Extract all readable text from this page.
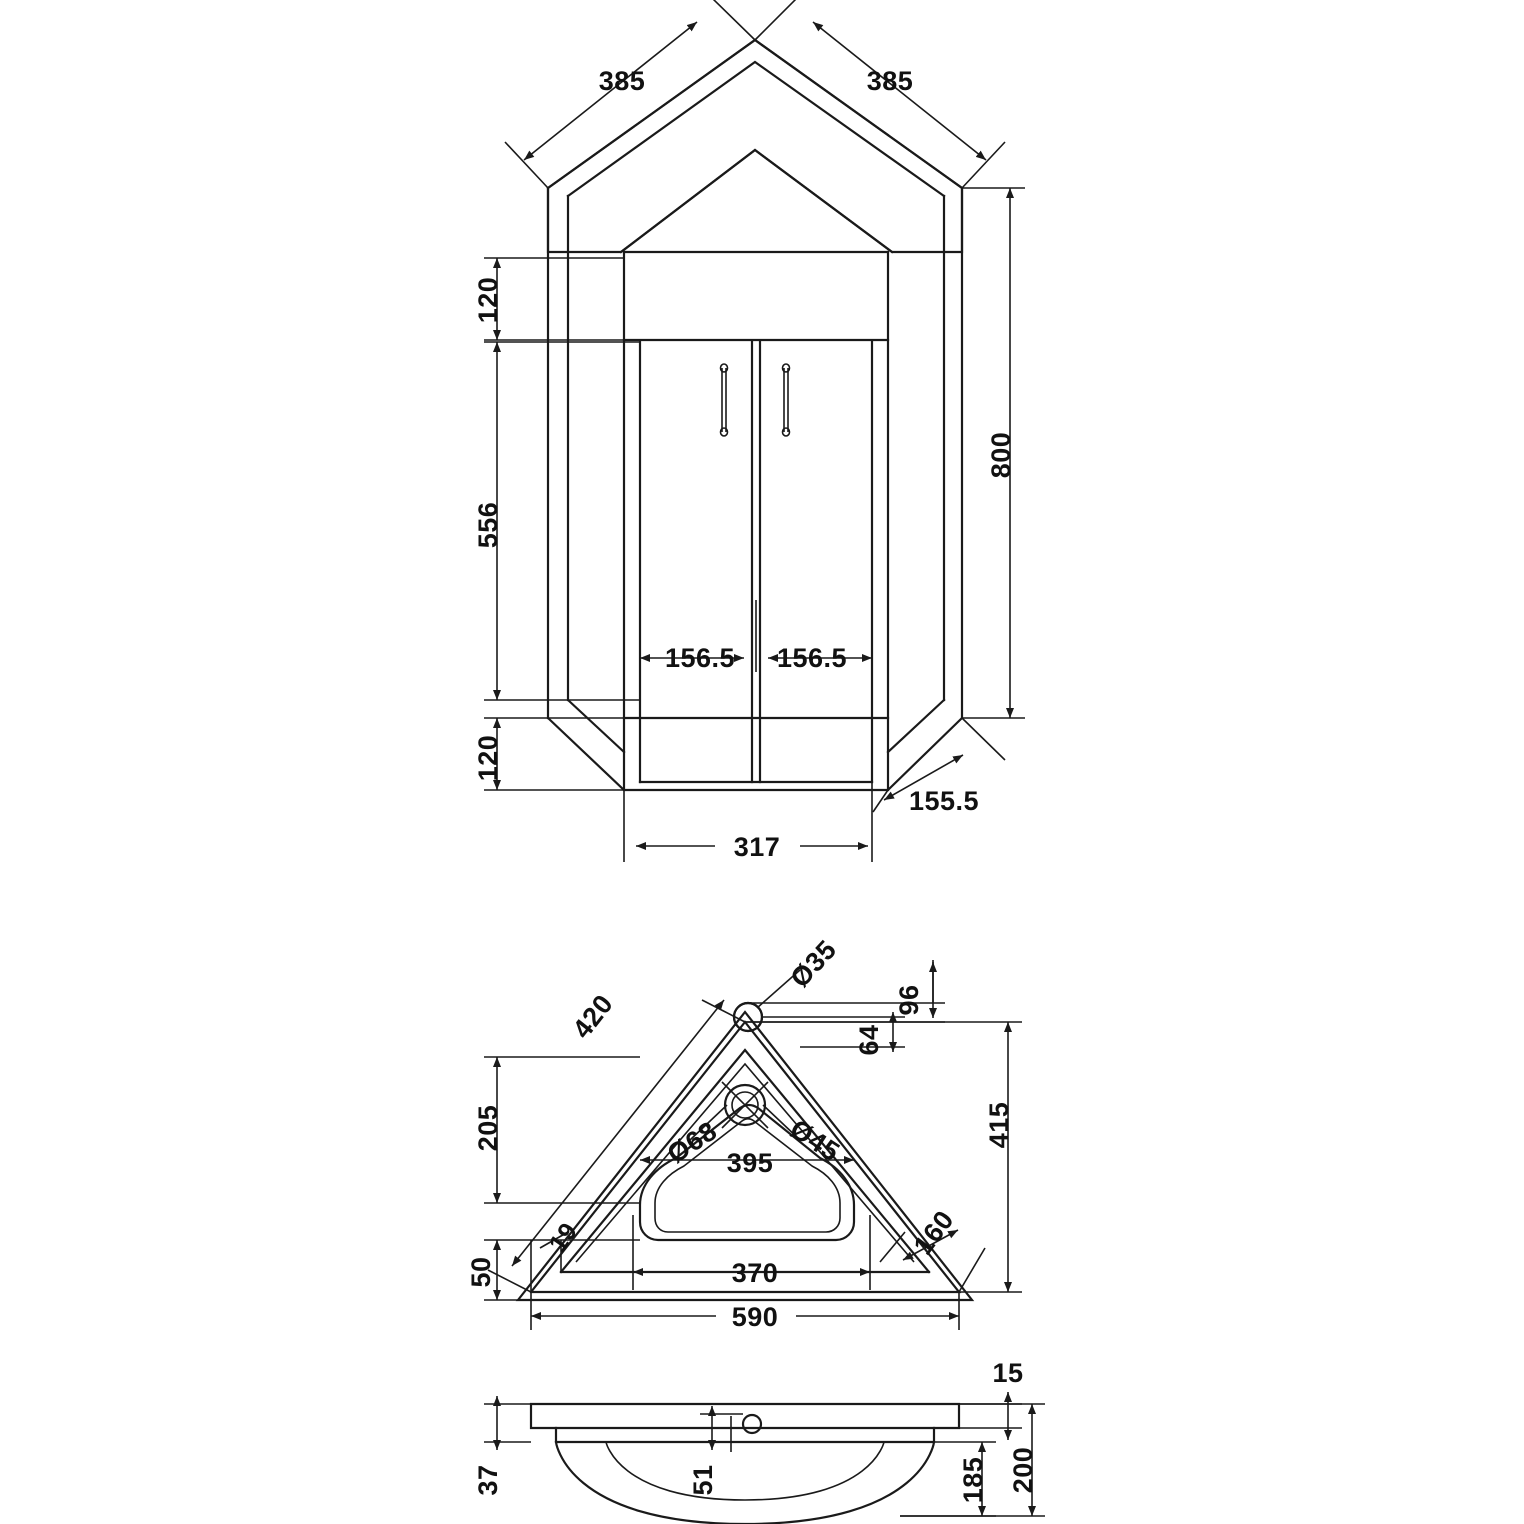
385	385
800
120
556
120
156.5 156.5
317
155.5
420
Ø35
96
64
415
205	Ø68 Ø45
395
19
50
160
370
590
15
37	51	185 200
